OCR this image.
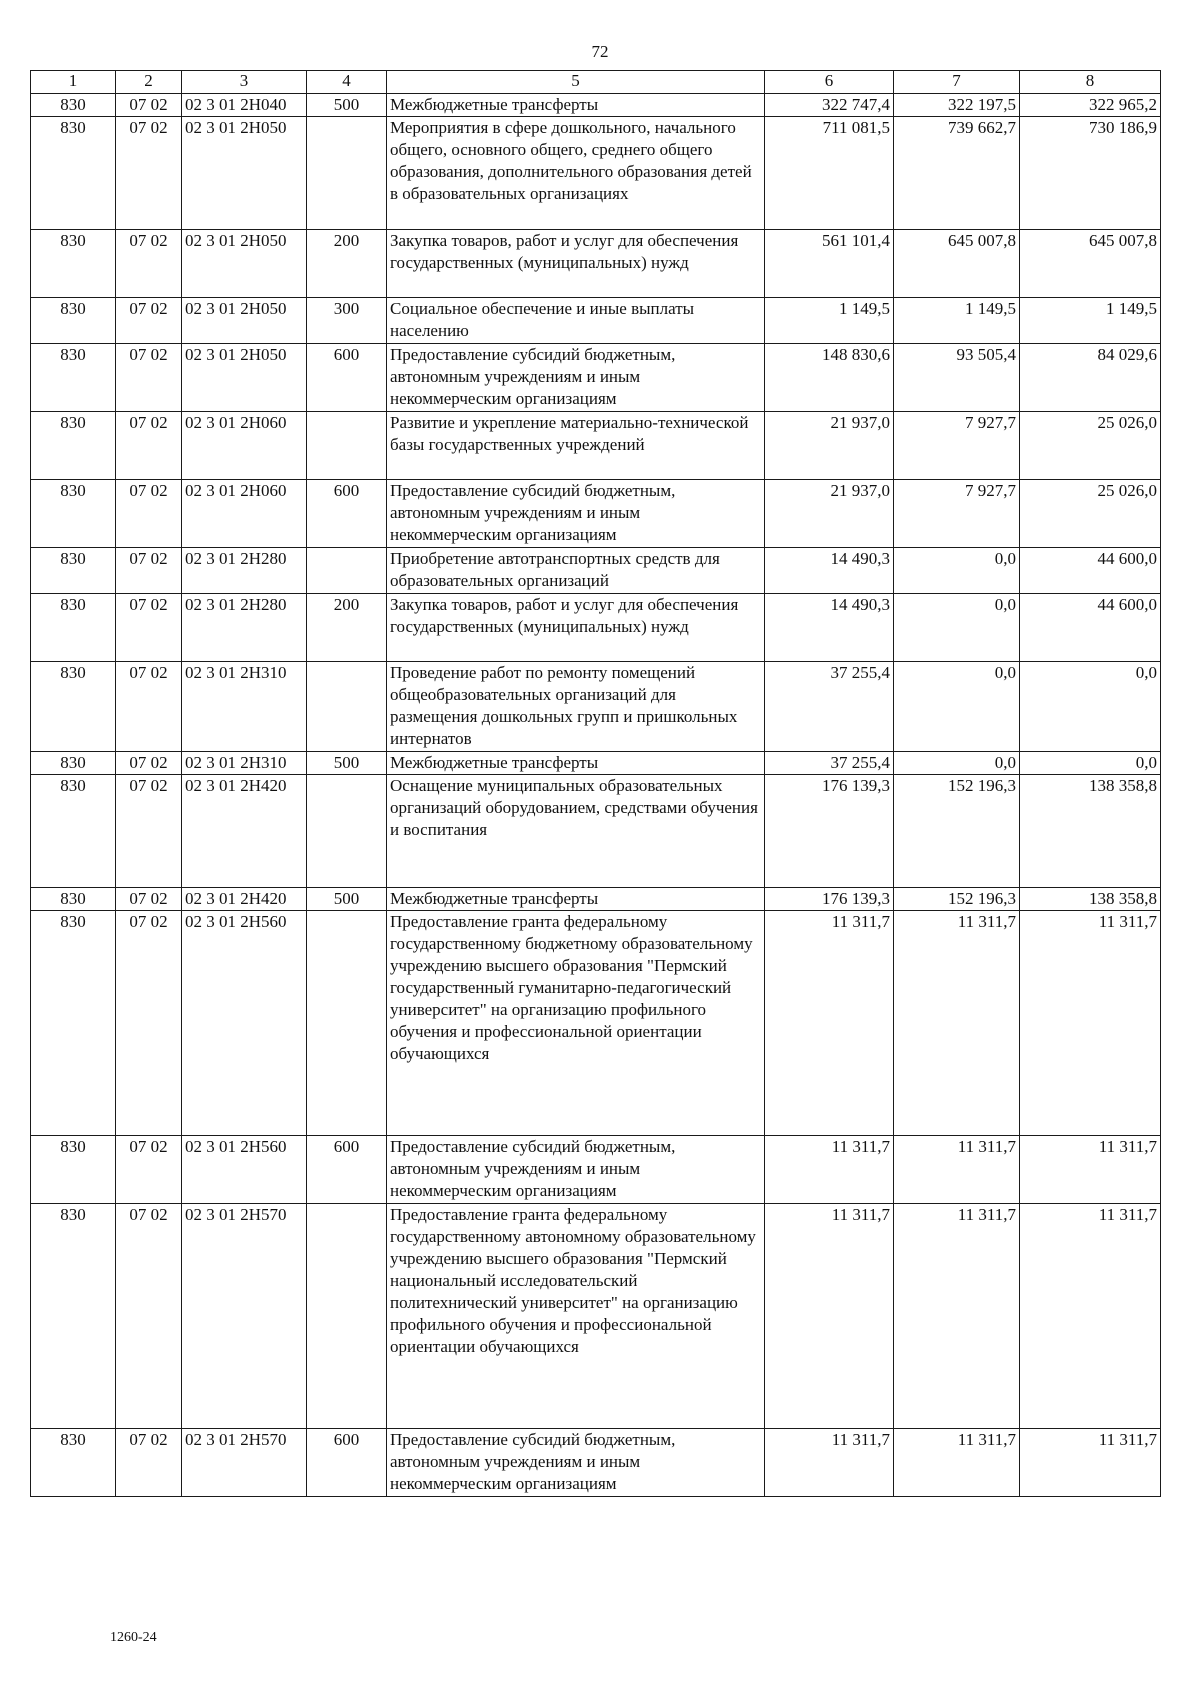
72
1	2	3	4	5	6	7	8
830	07 02	02 3 01 2Н040	500	Межбюджетные трансферты	322 747,4	322 197,5	322 965,2
830	07 02	02 3 01 2Н050		Мероприятия в сфере дошкольного, начального общего, основного общего, среднего общего образования, дополнительного образования детей в образовательных организациях	711 081,5	739 662,7	730 186,9
830	07 02	02 3 01 2Н050	200	Закупка товаров, работ и услуг для обеспечения государственных (муниципальных) нужд	561 101,4	645 007,8	645 007,8
830	07 02	02 3 01 2Н050	300	Социальное обеспечение и иные выплаты населению	1 149,5	1 149,5	1 149,5
830	07 02	02 3 01 2Н050	600	Предоставление субсидий бюджетным, автономным учреждениям и иным некоммерческим организациям	148 830,6	93 505,4	84 029,6
830	07 02	02 3 01 2Н060		Развитие и укрепление материально-технической базы государственных учреждений	21 937,0	7 927,7	25 026,0
830	07 02	02 3 01 2Н060	600	Предоставление субсидий бюджетным, автономным учреждениям и иным некоммерческим организациям	21 937,0	7 927,7	25 026,0
830	07 02	02 3 01 2Н280		Приобретение автотранспортных средств для образовательных организаций	14 490,3	0,0	44 600,0
830	07 02	02 3 01 2Н280	200	Закупка товаров, работ и услуг для обеспечения государственных (муниципальных) нужд	14 490,3	0,0	44 600,0
830	07 02	02 3 01 2Н310		Проведение работ по ремонту помещений общеобразовательных организаций для размещения дошкольных групп и пришкольных интернатов	37 255,4	0,0	0,0
830	07 02	02 3 01 2Н310	500	Межбюджетные трансферты	37 255,4	0,0	0,0
830	07 02	02 3 01 2Н420		Оснащение муниципальных образовательных организаций оборудованием, средствами обучения и воспитания	176 139,3	152 196,3	138 358,8
830	07 02	02 3 01 2Н420	500	Межбюджетные трансферты	176 139,3	152 196,3	138 358,8
830	07 02	02 3 01 2Н560		Предоставление гранта федеральному государственному бюджетному образовательному учреждению высшего образования "Пермский государственный гуманитарно-педагогический университет" на организацию профильного обучения и профессиональной ориентации обучающихся	11 311,7	11 311,7	11 311,7
830	07 02	02 3 01 2Н560	600	Предоставление субсидий бюджетным, автономным учреждениям и иным некоммерческим организациям	11 311,7	11 311,7	11 311,7
830	07 02	02 3 01 2Н570		Предоставление гранта федеральному государственному автономному образовательному учреждению высшего образования "Пермский национальный исследовательский политехнический университет" на организацию профильного обучения и профессиональной ориентации обучающихся	11 311,7	11 311,7	11 311,7
830	07 02	02 3 01 2Н570	600	Предоставление субсидий бюджетным, автономным учреждениям и иным некоммерческим организациям	11 311,7	11 311,7	11 311,7
1260-24
